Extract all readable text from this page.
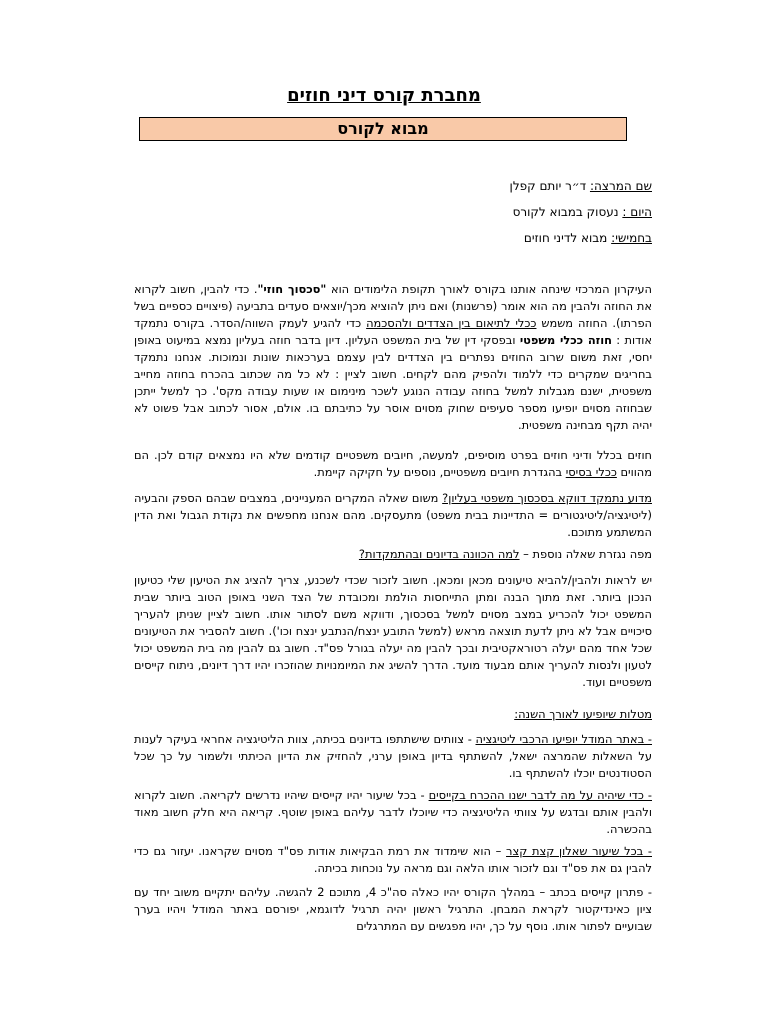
מחברת קורס דיני חוזים
מבוא לקורס
שם המרצה: ד״ר יותם קפלן
היום : נעסוק במבוא לקורס
בחמישי: מבוא לדיני חוזים

העיקרון המרכזי שינחה אותנו בקורס לאורך תקופת הלימודים הוא "סכסוך חוזי". כדי להבין, חשוב לקרוא את החוזה ולהבין מה הוא אומר (פרשנות) ואם ניתן להוציא מכך/יוצאים סעדים בתביעה (פיצויים כספיים בשל הפרתו). החוזה משמש ככלי לתיאום בין הצדדים ולהסכמה כדי להגיע לעמק השווה/הסדר. בקורס נתמקד אודות : חוזה ככלי משפטי ובפסקי דין של בית המשפט העליון. דיון בדבר חוזה בעליון נמצא במיעוט באופן יחסי, זאת משום שרוב החוזים נפתרים בין הצדדים לבין עצמם בערכאות שונות ונמוכות. אנחנו נתמקד בחריגים שמקרים כדי ללמוד ולהפיק מהם לקחים. חשוב לציין : לא כל מה שכתוב בהכרח בחוזה מחייב משפטית, ישנם מגבלות למשל בחוזה עבודה הנוגע לשכר מינימום או שעות עבודה מקס'. כך למשל ייתכן שבחוזה מסוים יופיעו מספר סעיפים שחוק מסוים אוסר על כתיבתם בו. אולם, אסור לכתוב אבל פשוט לא יהיה תקף מבחינה משפטית.

חוזים בכלל ודיני חוזים בפרט מוסיפים, למעשה, חיובים משפטיים קודמים שלא היו נמצאים קודם לכן. הם מהווים ככלי בסיסי בהגדרת חיובים משפטיים, נוספים על חקיקה קיימת.

מדוע נתמקד דווקא בסכסוך משפטי בעליון? משום שאלה המקרים המעניינים, במצבים שבהם הספק והבעיה (ליטיגציה/ליטיגטורים = התדיינות בבית משפט) מתעסקים. מהם אנחנו מחפשים את נקודת הגבול ואת הדין המשתמע מתוכם.

מפה נגזרת שאלה נוספת – למה הכוונה בדיונים ובהתמקדות?

יש לראות ולהבין/להביא טיעונים מכאן ומכאן. חשוב לזכור שכדי לשכנע, צריך להציג את הטיעון שלי כטיעון הנכון ביותר. זאת מתוך הבנה ומתן התייחסות הולמת ומכובדת של הצד השני באופן הטוב ביותר שבית המשפט יכול להכריע במצב מסוים למשל בסכסוך, ודווקא משם לסתור אותו. חשוב לציין שניתן להעריך סיכויים אבל לא ניתן לדעת תוצאה מראש (למשל התובע ינצח/הנתבע ינצח וכו'). חשוב להסביר את הטיעונים שכל אחד מהם יעלה רטוראקטיבית ובכך להבין מה יעלה בגורל פס"ד. חשוב גם להבין מה בית המשפט יכול לטעון ולנסות להעריך אותם מבעוד מועד. הדרך להשיג את המיומנויות שהוזכרו יהיו דרך דיונים, ניתוח קייסים משפטיים ועוד.

מטלות שיופיעו לאורך השנה:

- באתר המודל יופיעו הרכבי ליטיגציה - צוותים שישתתפו בדיונים בכיתה, צוות הליטיגציה אחראי בעיקר לענות על השאלות שהמרצה ישאל, להשתתף בדיון באופן ערני, להחזיק את הדיון הכיתתי ולשמור על כך שכל הסטודנטים יוכלו להשתתף בו.

- כדי שיהיה על מה לדבר ישנו ההכרח בקייסים - בכל שיעור יהיו קייסים שיהיו נדרשים לקריאה. חשוב לקרוא ולהבין אותם ובדגש על צוותי הליטיגציה כדי שיוכלו לדבר עליהם באופן שוטף. קריאה היא חלק חשוב מאוד בהכשרה.

- בכל שיעור שאלון קצת קצר – הוא שימדוד את רמת הבקיאות אודות פס"ד מסוים שקראנו. יעזור גם כדי להבין גם את פס"ד וגם לזכור אותו הלאה וגם מראה על נוכחות בכיתה.

- פתרון קייסים בכתב – במהלך הקורס יהיו כאלה סה"כ 4, מתוכם 2 להגשה. עליהם יתקיים משוב יחד עם ציון כאינדיקטור לקראת המבחן. התרגיל ראשון יהיה תרגיל לדוגמא, יפורסם באתר המודל ויהיו בערך שבועיים לפתור אותו. נוסף על כך, יהיו מפגשים עם המתרגלים
